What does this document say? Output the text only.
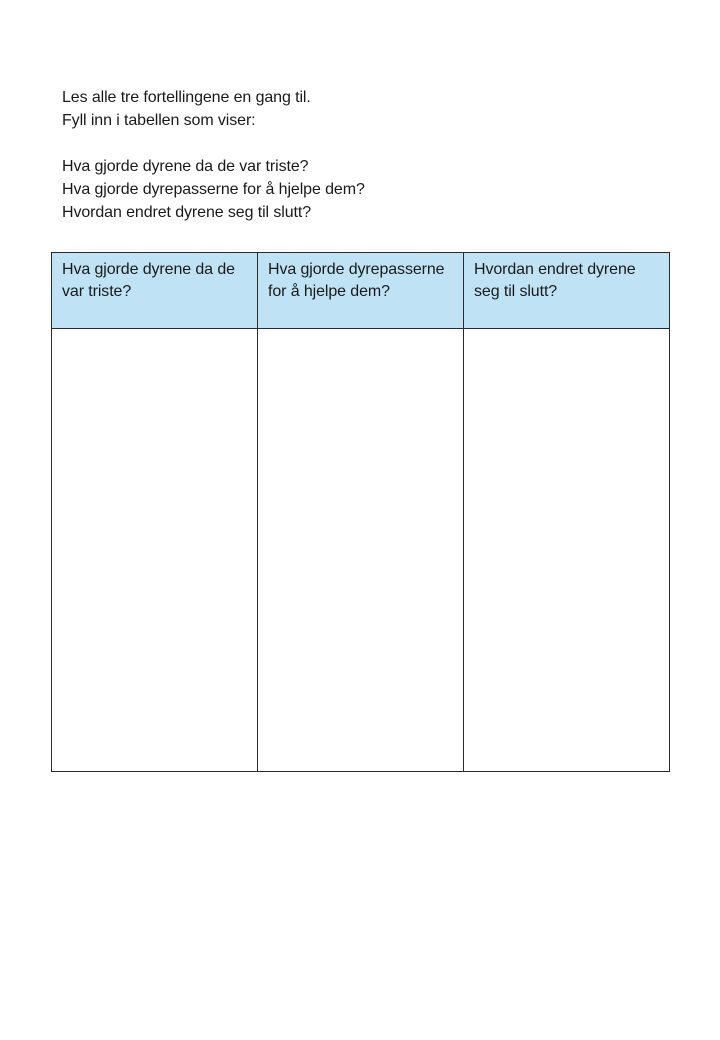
Les alle tre fortellingene en gang til.
Fyll inn i tabellen som viser:
Hva gjorde dyrene da de var triste?
Hva gjorde dyrepasserne for å hjelpe dem?
Hvordan endret dyrene seg til slutt?
Hva gjorde dyrene da de var triste?	Hva gjorde dyrepasserne for å hjelpe dem?	Hvordan endret dyrene seg til slutt?
